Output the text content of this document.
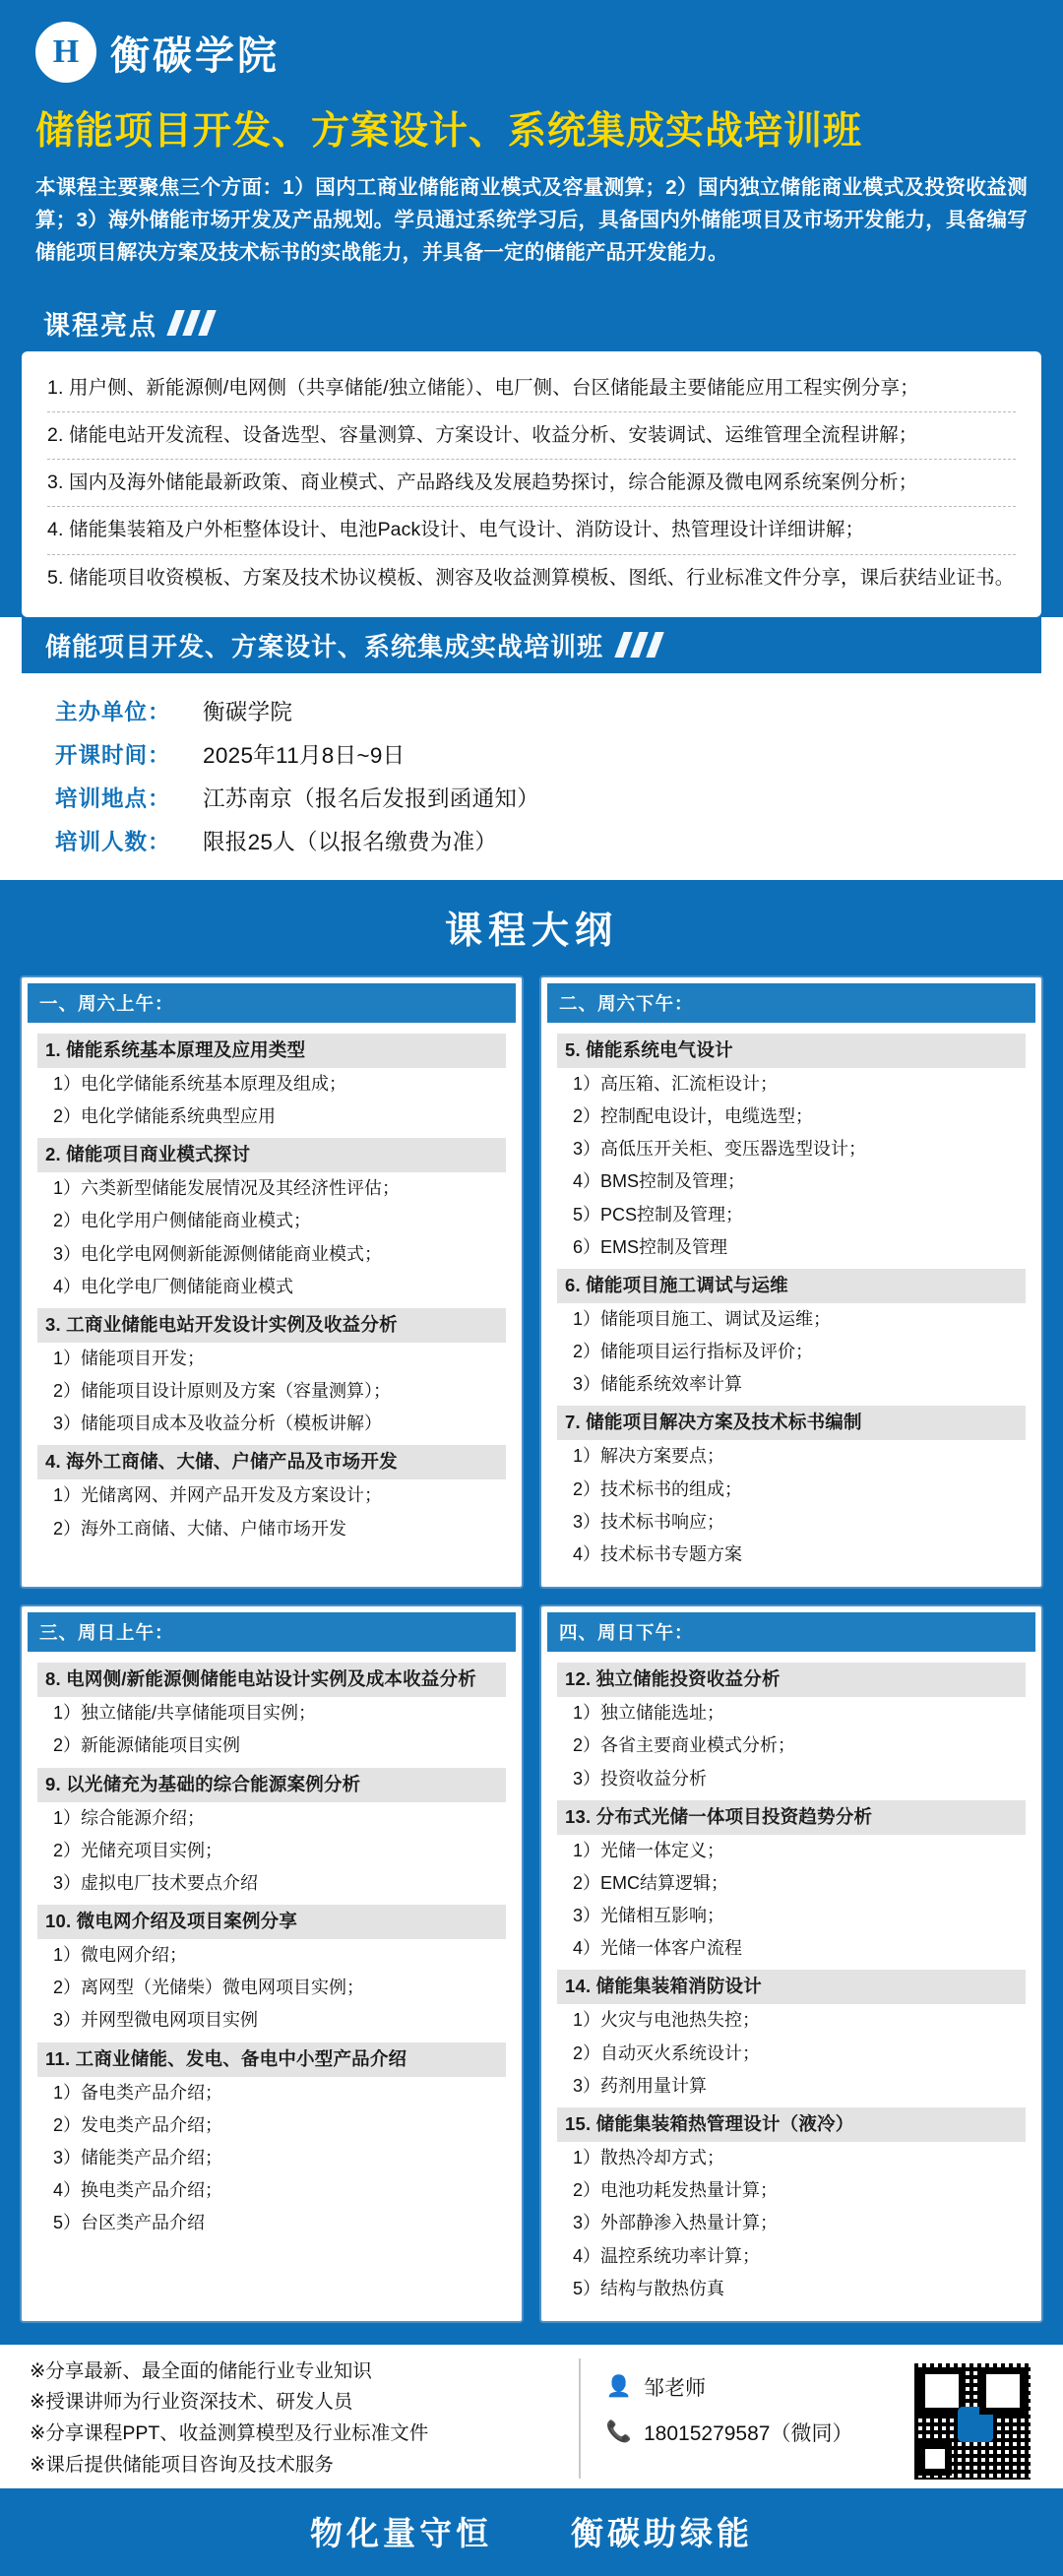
H 衡碳学院
储能项目开发、方案设计、系统集成实战培训班
本课程主要聚焦三个方面：1）国内工商业储能商业模式及容量测算；2）国内独立储能商业模式及投资收益测算；3）海外储能市场开发及产品规划。学员通过系统学习后，具备国内外储能项目及市场开发能力，具备编写储能项目解决方案及技术标书的实战能力，并具备一定的储能产品开发能力。
课程亮点
1. 用户侧、新能源侧/电网侧（共享储能/独立储能）、电厂侧、台区储能最主要储能应用工程实例分享；
2. 储能电站开发流程、设备选型、容量测算、方案设计、收益分析、安装调试、运维管理全流程讲解；
3. 国内及海外储能最新政策、商业模式、产品路线及发展趋势探讨，综合能源及微电网系统案例分析；
4. 储能集装箱及户外柜整体设计、电池Pack设计、电气设计、消防设计、热管理设计详细讲解；
5. 储能项目收资模板、方案及技术协议模板、测容及收益测算模板、图纸、行业标准文件分享，课后获结业证书。
储能项目开发、方案设计、系统集成实战培训班
主办单位：	衡碳学院
开课时间：	2025年11月8日~9日
培训地点：	江苏南京（报名后发报到函通知）
培训人数：	限报25人（以报名缴费为准）
课程大纲
一、周六上午：
1. 储能系统基本原理及应用类型
1）电化学储能系统基本原理及组成；
2）电化学储能系统典型应用
2. 储能项目商业模式探讨
1）六类新型储能发展情况及其经济性评估；
2）电化学用户侧储能商业模式；
3）电化学电网侧新能源侧储能商业模式；
4）电化学电厂侧储能商业模式
3. 工商业储能电站开发设计实例及收益分析
1）储能项目开发；
2）储能项目设计原则及方案（容量测算）；
3）储能项目成本及收益分析（模板讲解）
4. 海外工商储、大储、户储产品及市场开发
1）光储离网、并网产品开发及方案设计；
2）海外工商储、大储、户储市场开发
二、周六下午：
5. 储能系统电气设计
1）高压箱、汇流柜设计；
2）控制配电设计，电缆选型；
3）高低压开关柜、变压器选型设计；
4）BMS控制及管理；
5）PCS控制及管理；
6）EMS控制及管理
6. 储能项目施工调试与运维
1）储能项目施工、调试及运维；
2）储能项目运行指标及评价；
3）储能系统效率计算
7. 储能项目解决方案及技术标书编制
1）解决方案要点；
2）技术标书的组成；
3）技术标书响应；
4）技术标书专题方案
三、周日上午：
8. 电网侧/新能源侧储能电站设计实例及成本收益分析
1）独立储能/共享储能项目实例；
2）新能源储能项目实例
9. 以光储充为基础的综合能源案例分析
1）综合能源介绍；
2）光储充项目实例；
3）虚拟电厂技术要点介绍
10. 微电网介绍及项目案例分享
1）微电网介绍；
2）离网型（光储柴）微电网项目实例；
3）并网型微电网项目实例
11. 工商业储能、发电、备电中小型产品介绍
1）备电类产品介绍；
2）发电类产品介绍；
3）储能类产品介绍；
4）换电类产品介绍；
5）台区类产品介绍
四、周日下午：
12. 独立储能投资收益分析
1）独立储能选址；
2）各省主要商业模式分析；
3）投资收益分析
13. 分布式光储一体项目投资趋势分析
1）光储一体定义；
2）EMC结算逻辑；
3）光储相互影响；
4）光储一体客户流程
14. 储能集装箱消防设计
1）火灾与电池热失控；
2）自动灭火系统设计；
3）药剂用量计算
15. 储能集装箱热管理设计（液冷）
1）散热冷却方式；
2）电池功耗发热量计算；
3）外部静渗入热量计算；
4）温控系统功率计算；
5）结构与散热仿真
※分享最新、最全面的储能行业专业知识
※授课讲师为行业资深技术、研发人员
※分享课程PPT、收益测算模型及行业标准文件
※课后提供储能项目咨询及技术服务
👤 邹老师
📞 18015279587（微同）
物化量守恒 衡碳助绿能
